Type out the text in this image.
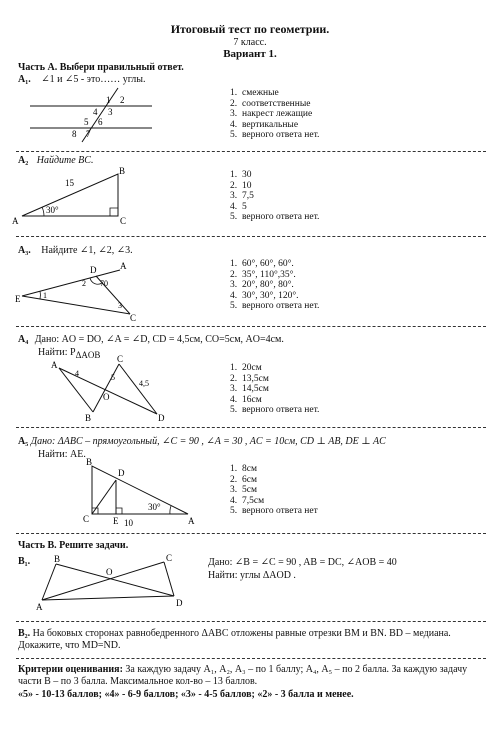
Итоговый тест по геометрии.
7 класс.
Вариант 1.
Часть А. Выбери правильный ответ.
А₁. ∠1 и ∠5 - это…… углы.
1 2
4 3
5 6
8 7
1. смежные
2. соответственные
3. накрест лежащие
4. вертикальные
5. верного ответа нет.
А₂ Найдите BC.
A
B
C
15
30°
1. 30
2. 10
3. 7,5
4. 5
5. верного ответа нет.
А₃. Найдите ∠1, ∠2, ∠3.
A
D
E
C
1
2
3
70
1. 60°, 60°, 60°.
2. 35°, 110°,35°.
3. 20°, 80°, 80°.
4. 30°, 30°, 120°.
5. верного ответа нет.
А₄ Дано: AO = DO, ∠A = ∠D, CD = 4,5см, CO=5см, AO=4см.
Найти: $P_{\Delta AOB}$
A
B
C
D
O
4	5
4,5
1. 20см
2. 13,5см
3. 14,5см
4. 16см
5. верного ответа нет.
А₅ Дано: ΔABC – прямоугольный, ∠C = 90 , ∠A = 30 , AC = 10см, CD ⊥ AB, DE ⊥ AC
Найти: AE.
B
D
C	E	A
30°
10
1. 8см
2. 6см
3. 5см
4. 7,5см
5. верного ответа нет
Часть В. Решите задачи.
В₁.	B
A
C
D
O
Дано: ∠B = ∠C = 90 , AB = DC, ∠AOB = 40
Найти: углы ΔAOD .
В₂. На боковых сторонах равнобедренного ΔABC отложены равные отрезки BM и BN. BD – медиана. Докажите, что MD=ND.
Критерии оценивания: За каждую задачу А₁, А₂, А₃ – по 1 баллу; А₄, А₅ – по 2 балла. За каждую задачу части В – по 3 балла. Максимальное кол-во – 13 баллов.
«5» - 10-13 баллов; «4» - 6-9 баллов; «3» - 4-5 баллов; «2» - 3 балла и менее.
